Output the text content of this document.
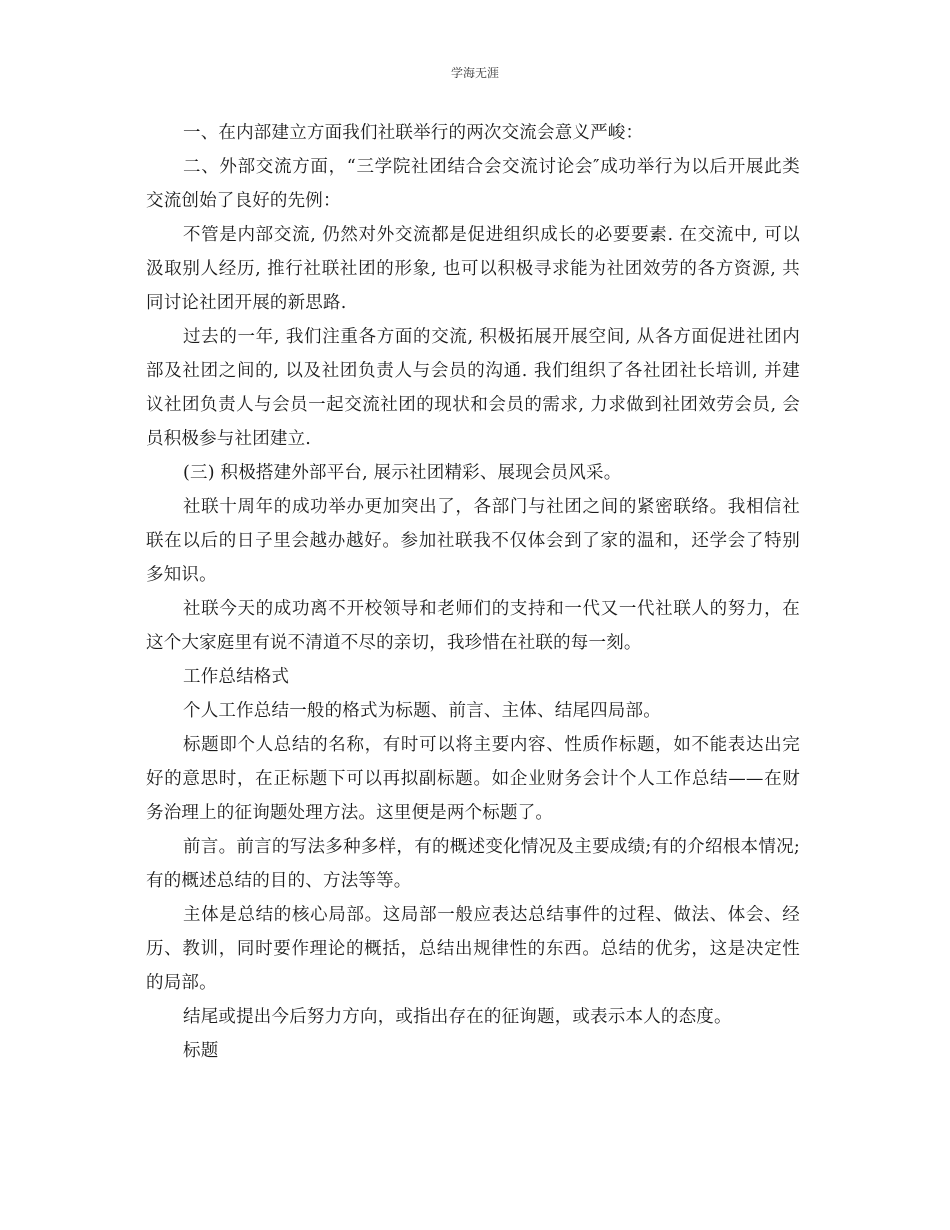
学海无涯

一、在内部建立方面我们社联举行的两次交流会意义严峻：

二、外部交流方面，“三学院社团结合会交流讨论会″成功举行为以后开展此类交流创始了良好的先例：

不管是内部交流, 仍然对外交流都是促进组织成长的必要要素. 在交流中, 可以汲取别人经历, 推行社联社团的形象, 也可以积极寻求能为社团效劳的各方资源, 共同讨论社团开展的新思路.

过去的一年, 我们注重各方面的交流, 积极拓展开展空间, 从各方面促进社团内部及社团之间的, 以及社团负责人与会员的沟通. 我们组织了各社团社长培训, 并建议社团负责人与会员一起交流社团的现状和会员的需求, 力求做到社团效劳会员, 会员积极参与社团建立.

(三) 积极搭建外部平台, 展示社团精彩、展现会员风采。

社联十周年的成功举办更加突出了，各部门与社团之间的紧密联络。我相信社联在以后的日子里会越办越好。参加社联我不仅体会到了家的温和，还学会了特别多知识。

社联今天的成功离不开校领导和老师们的支持和一代又一代社联人的努力，在这个大家庭里有说不清道不尽的亲切，我珍惜在社联的每一刻。

工作总结格式

个人工作总结一般的格式为标题、前言、主体、结尾四局部。

标题即个人总结的名称，有时可以将主要内容、性质作标题，如不能表达出完好的意思时，在正标题下可以再拟副标题。如企业财务会计个人工作总结——在财务治理上的征询题处理方法。这里便是两个标题了。

前言。前言的写法多种多样，有的概述变化情况及主要成绩;有的介绍根本情况;有的概述总结的目的、方法等等。

主体是总结的核心局部。这局部一般应表达总结事件的过程、做法、体会、经历、教训，同时要作理论的概括，总结出规律性的东西。总结的优劣，这是决定性的局部。

结尾或提出今后努力方向，或指出存在的征询题，或表示本人的态度。

标题
